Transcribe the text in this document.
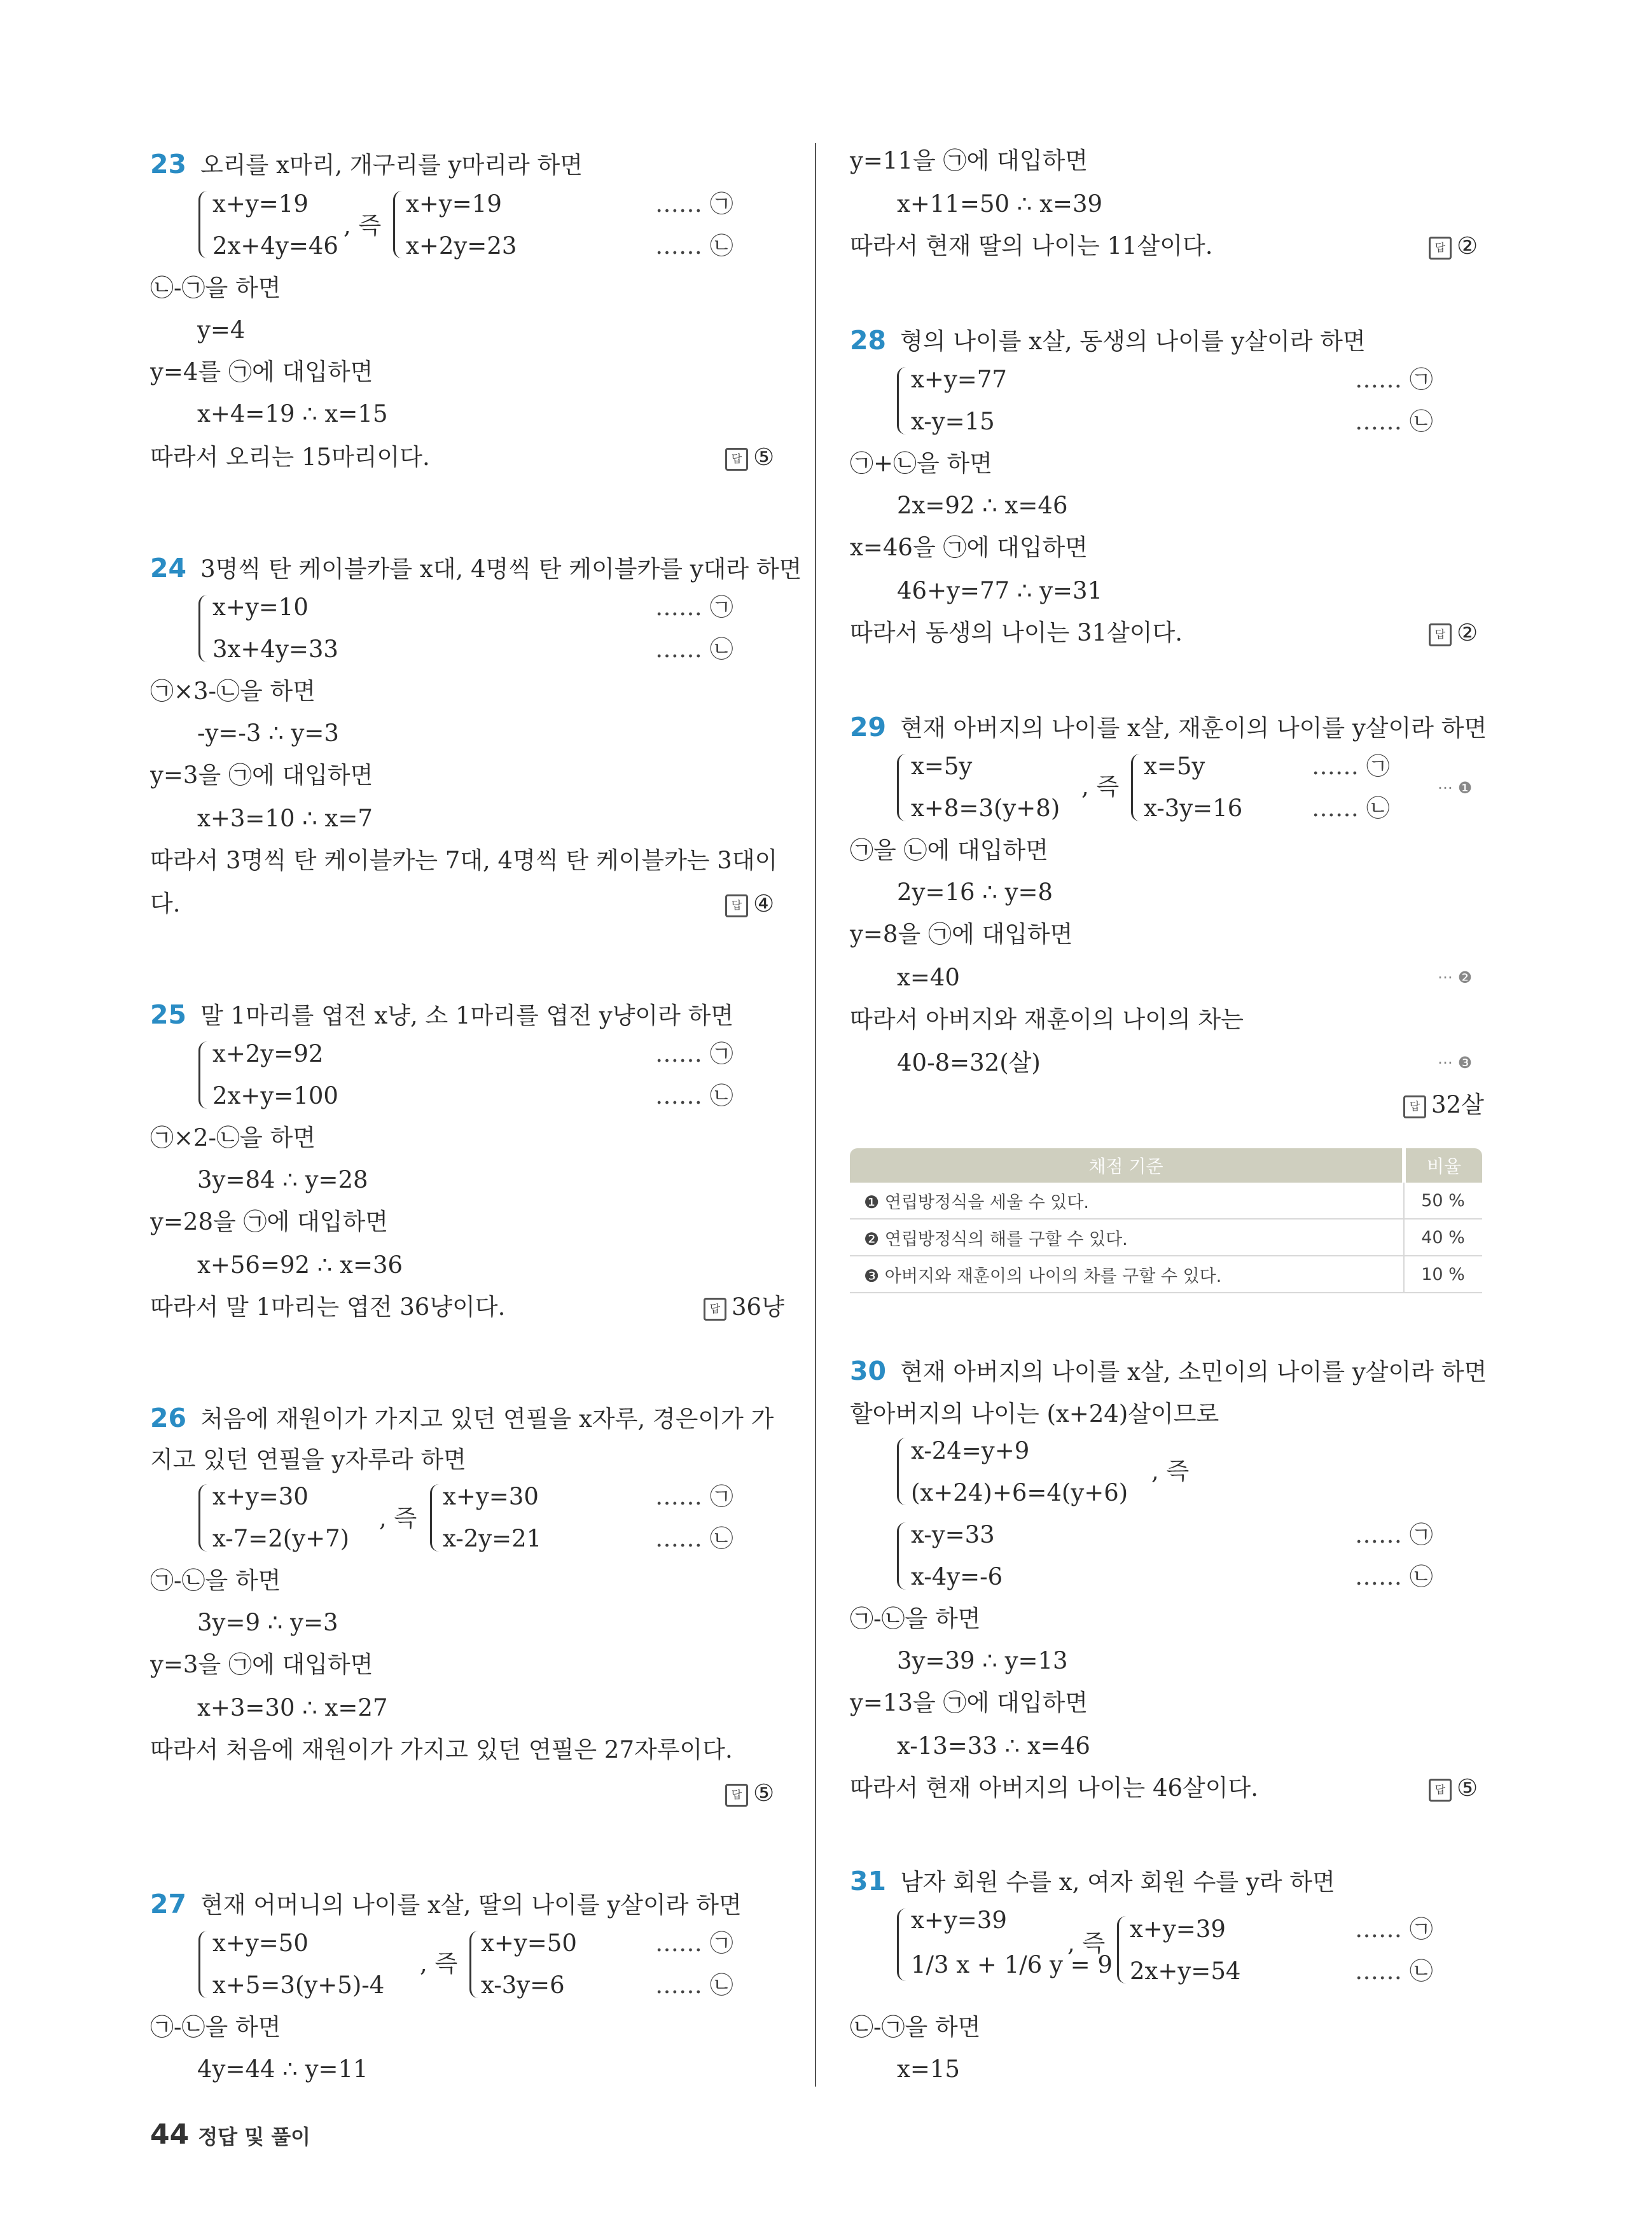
23 오리를 x마리, 개구리를 y마리라 하면
x+y=19
2x+4y=46
, 즉
x+y=19
x+2y=23
…… ㉠
…… ㉡
㉡-㉠을 하면
y=4
y=4를 ㉠에 대입하면
x+4=19 ∴ x=15
따라서 오리는 15마리이다.	답 ⑤
24 3명씩 탄 케이블카를 x대, 4명씩 탄 케이블카를 y대라 하면
x+y=10
3x+4y=33
…… ㉠
…… ㉡
㉠×3-㉡을 하면
-y=-3 ∴ y=3
y=3을 ㉠에 대입하면
x+3=10 ∴ x=7
따라서 3명씩 탄 케이블카는 7대, 4명씩 탄 케이블카는 3대이
다.	답 ④
25 말 1마리를 엽전 x냥, 소 1마리를 엽전 y냥이라 하면
x+2y=92
2x+y=100
…… ㉠
…… ㉡
㉠×2-㉡을 하면
3y=84 ∴ y=28
y=28을 ㉠에 대입하면
x+56=92 ∴ x=36
따라서 말 1마리는 엽전 36냥이다.	답 36냥
26 처음에 재원이가 가지고 있던 연필을 x자루, 경은이가 가
지고 있던 연필을 y자루라 하면
x+y=30
x-7=2(y+7)
, 즉
x+y=30
x-2y=21
…… ㉠
…… ㉡
㉠-㉡을 하면
3y=9 ∴ y=3
y=3을 ㉠에 대입하면
x+3=30 ∴ x=27
따라서 처음에 재원이가 가지고 있던 연필은 27자루이다.
답 ⑤
27 현재 어머니의 나이를 x살, 딸의 나이를 y살이라 하면
x+y=50
x+5=3(y+5)-4
, 즉
x+y=50
x-3y=6
…… ㉠
…… ㉡
㉠-㉡을 하면
4y=44 ∴ y=11
44 정답 및 풀이
y=11을 ㉠에 대입하면
x+11=50 ∴ x=39
따라서 현재 딸의 나이는 11살이다.	답 ②
28 형의 나이를 x살, 동생의 나이를 y살이라 하면
x+y=77
x-y=15
…… ㉠
…… ㉡
㉠+㉡을 하면
2x=92 ∴ x=46
x=46을 ㉠에 대입하면
46+y=77 ∴ y=31
따라서 동생의 나이는 31살이다.	답 ②
29 현재 아버지의 나이를 x살, 재훈이의 나이를 y살이라 하면
x=5y
x+8=3(y+8)
, 즉
x=5y
x-3y=16
…… ㉠
…… ㉡
··· ❶
㉠을 ㉡에 대입하면
2y=16 ∴ y=8
y=8을 ㉠에 대입하면
x=40	··· ❷
따라서 아버지와 재훈이의 나이의 차는
40-8=32(살)	··· ❸
답 32살
채점 기준	비율
❶ 연립방정식을 세울 수 있다.	50 %
❷ 연립방정식의 해를 구할 수 있다.	40 %
❸ 아버지와 재훈이의 나이의 차를 구할 수 있다.	10 %
30 현재 아버지의 나이를 x살, 소민이의 나이를 y살이라 하면
할아버지의 나이는 (x+24)살이므로
x-24=y+9
(x+24)+6=4(y+6)
, 즉
x-y=33
x-4y=-6
…… ㉠
…… ㉡
㉠-㉡을 하면
3y=39 ∴ y=13
y=13을 ㉠에 대입하면
x-13=33 ∴ x=46
따라서 현재 아버지의 나이는 46살이다.	답 ⑤
31 남자 회원 수를 x, 여자 회원 수를 y라 하면
x+y=39
1/3 x + 1/6 y = 9
, 즉
x+y=39
2x+y=54
…… ㉠
…… ㉡
㉡-㉠을 하면
x=15
